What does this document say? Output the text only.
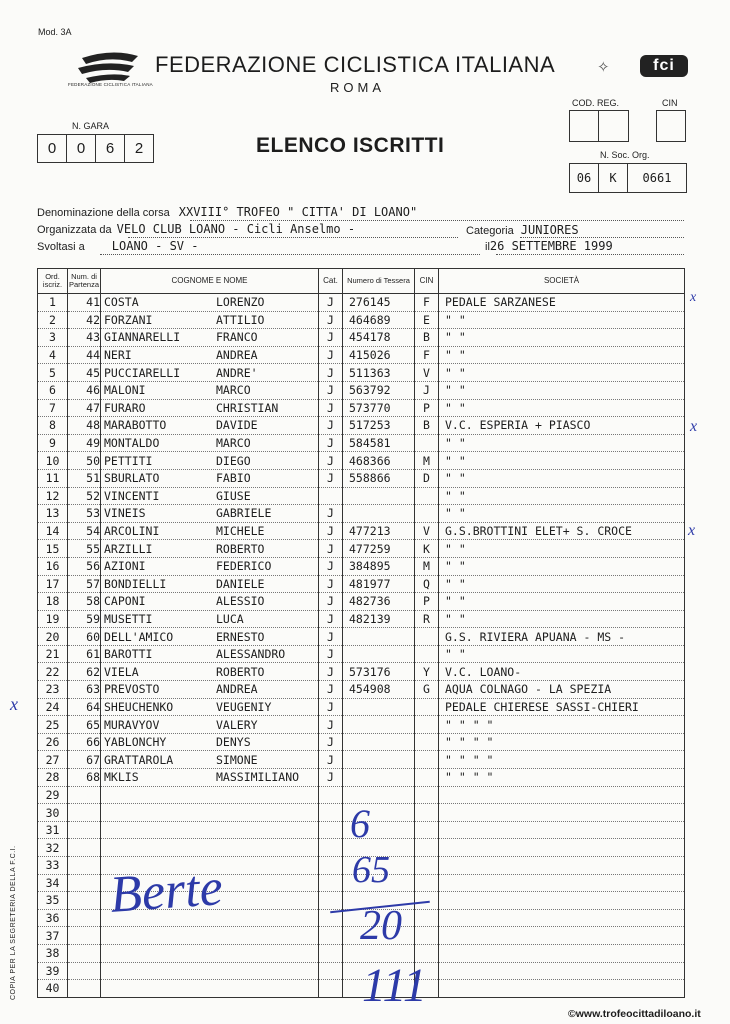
Mod. 3A
FEDERAZIONE CICLISTICA ITALIANA
FEDERAZIONE CICLISTICA ITALIANA
ROMA
✧	fci
N. GARA
0	0	6	2	ELENCO ISCRITTI
COD. REG.	CIN
N. Soc. Org.
06	K	0661
Denominazione della corsa XXVIII° TROFEO " CITTA' DI LOANO"
Organizzata da VELO CLUB LOANO - Cicli Anselmo -	Categoria JUNIORES
Svoltasi a LOANO - SV -	il26 SETTEMBRE 1999
Ord. iscriz.	Num. di Partenza	COGNOME E NOME	Cat.	Numero di Tessera	CIN	SOCIETÀ
1	41	COSTA LORENZO	J	276145	F	PEDALE SARZANESE
2	42	FORZANI ATTILIO	J	464689	E	" "
3	43	GIANNARELLI FRANCO	J	454178	B	" "
4	44	NERI ANDREA	J	415026	F	" "
5	45	PUCCIARELLI ANDRE'	J	511363	V	" "
6	46	MALONI MARCO	J	563792	J	" "
7	47	FURARO CHRISTIAN	J	573770	P	" "
8	48	MARABOTTO DAVIDE	J	517253	B	V.C. ESPERIA + PIASCO
9	49	MONTALDO MARCO	J	584581		" "
10	50	PETTITI DIEGO	J	468366	M	" "
11	51	SBURLATO FABIO	J	558866	D	" "
12	52	VINCENTI GIUSE				" "
13	53	VINEIS GABRIELE	J			" "
14	54	ARCOLINI MICHELE	J	477213	V	G.S.BROTTINI ELET+ S. CROCE
15	55	ARZILLI ROBERTO	J	477259	K	" "
16	56	AZIONI FEDERICO	J	384895	M	" "
17	57	BONDIELLI DANIELE	J	481977	Q	" "
18	58	CAPONI ALESSIO	J	482736	P	" "
19	59	MUSETTI LUCA	J	482139	R	" "
20	60	DELL'AMICO ERNESTO	J			G.S. RIVIERA APUANA - MS -
21	61	BAROTTI ALESSANDRO	J			" "
22	62	VIELA ROBERTO	J	573176	Y	V.C. LOANO-
23	63	PREVOSTO ANDREA	J	454908	G	AQUA COLNAGO - LA SPEZIA
24	64	SHEUCHENKO VEUGENIY	J			PEDALE CHIERESE SASSI-CHIERI
25	65	MURAVYOV VALERY	J			" " " "
26	66	YABLONCHY DENYS	J			" " " "
27	67	GRATTAROLA SIMONE	J			" " " "
28	68	MKLIS MASSIMILIANO	J			" " " "
29						
30						
31						
32						
33						
34						
35						
36						
37						
38						
39						
40						
Berte
6
65
20
111
x
x
x
x
COPIA PER LA SEGRETERIA DELLA F.C.I.
©www.trofeocittadiloano.it
